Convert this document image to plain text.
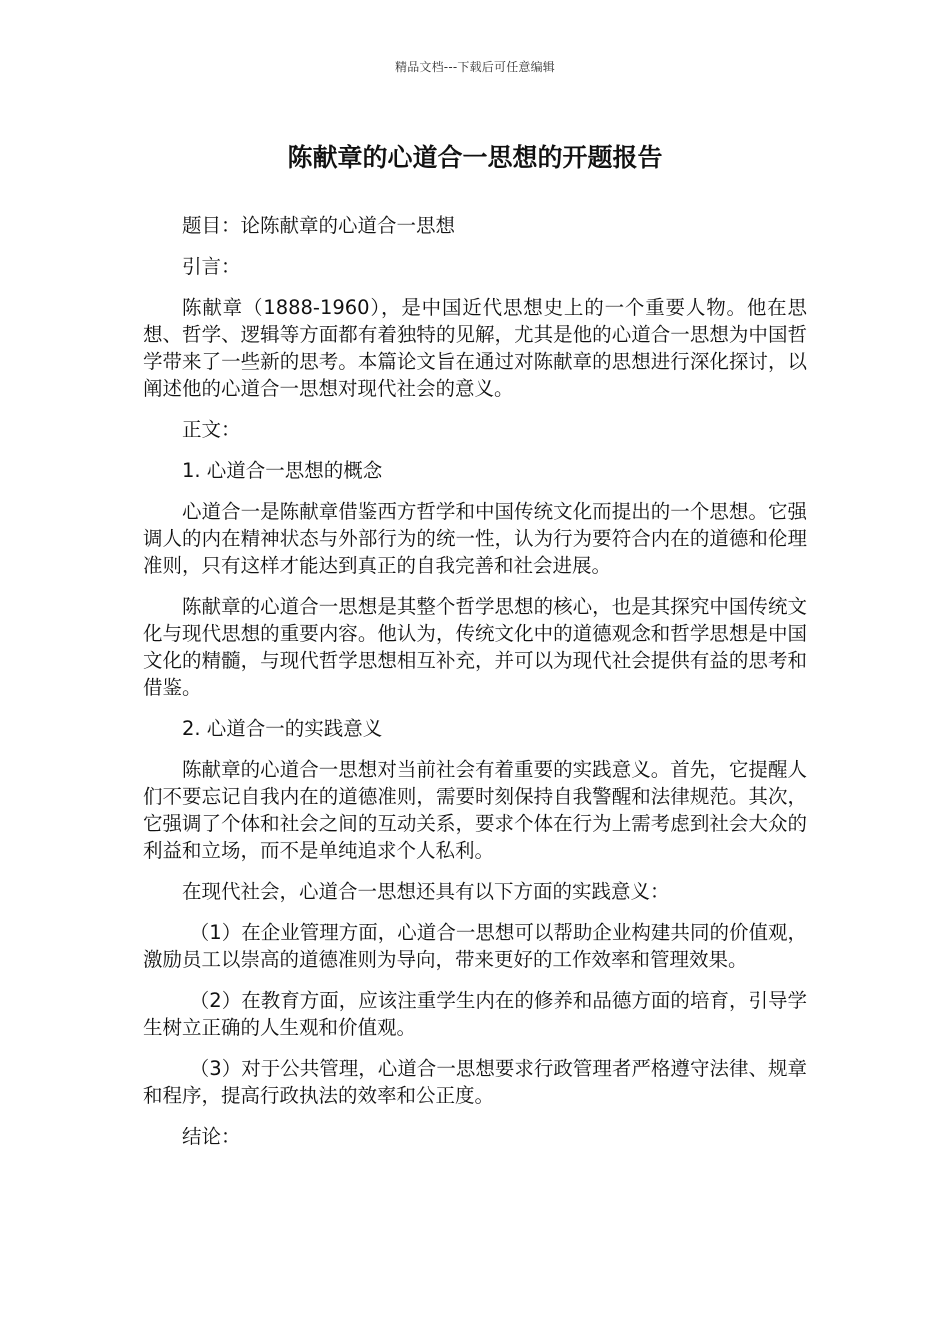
精品文档---下载后可任意编辑
陈献章的心道合一思想的开题报告

题目：论陈献章的心道合一思想

引言：

陈献章（1888-1960），是中国近代思想史上的一个重要人物。他在思想、哲学、逻辑等方面都有着独特的见解，尤其是他的心道合一思想为中国哲学带来了一些新的思考。本篇论文旨在通过对陈献章的思想进行深化探讨，以阐述他的心道合一思想对现代社会的意义。

正文：

1. 心道合一思想的概念

心道合一是陈献章借鉴西方哲学和中国传统文化而提出的一个思想。它强调人的内在精神状态与外部行为的统一性，认为行为要符合内在的道德和伦理准则，只有这样才能达到真正的自我完善和社会进展。

陈献章的心道合一思想是其整个哲学思想的核心，也是其探究中国传统文化与现代思想的重要内容。他认为，传统文化中的道德观念和哲学思想是中国文化的精髓，与现代哲学思想相互补充，并可以为现代社会提供有益的思考和借鉴。

2. 心道合一的实践意义

陈献章的心道合一思想对当前社会有着重要的实践意义。首先，它提醒人们不要忘记自我内在的道德准则，需要时刻保持自我警醒和法律规范。其次，它强调了个体和社会之间的互动关系，要求个体在行为上需考虑到社会大众的利益和立场，而不是单纯追求个人私利。

在现代社会，心道合一思想还具有以下方面的实践意义：

（1）在企业管理方面，心道合一思想可以帮助企业构建共同的价值观，激励员工以崇高的道德准则为导向，带来更好的工作效率和管理效果。

（2）在教育方面，应该注重学生内在的修养和品德方面的培育，引导学生树立正确的人生观和价值观。

（3）对于公共管理，心道合一思想要求行政管理者严格遵守法律、规章和程序，提高行政执法的效率和公正度。

结论：
